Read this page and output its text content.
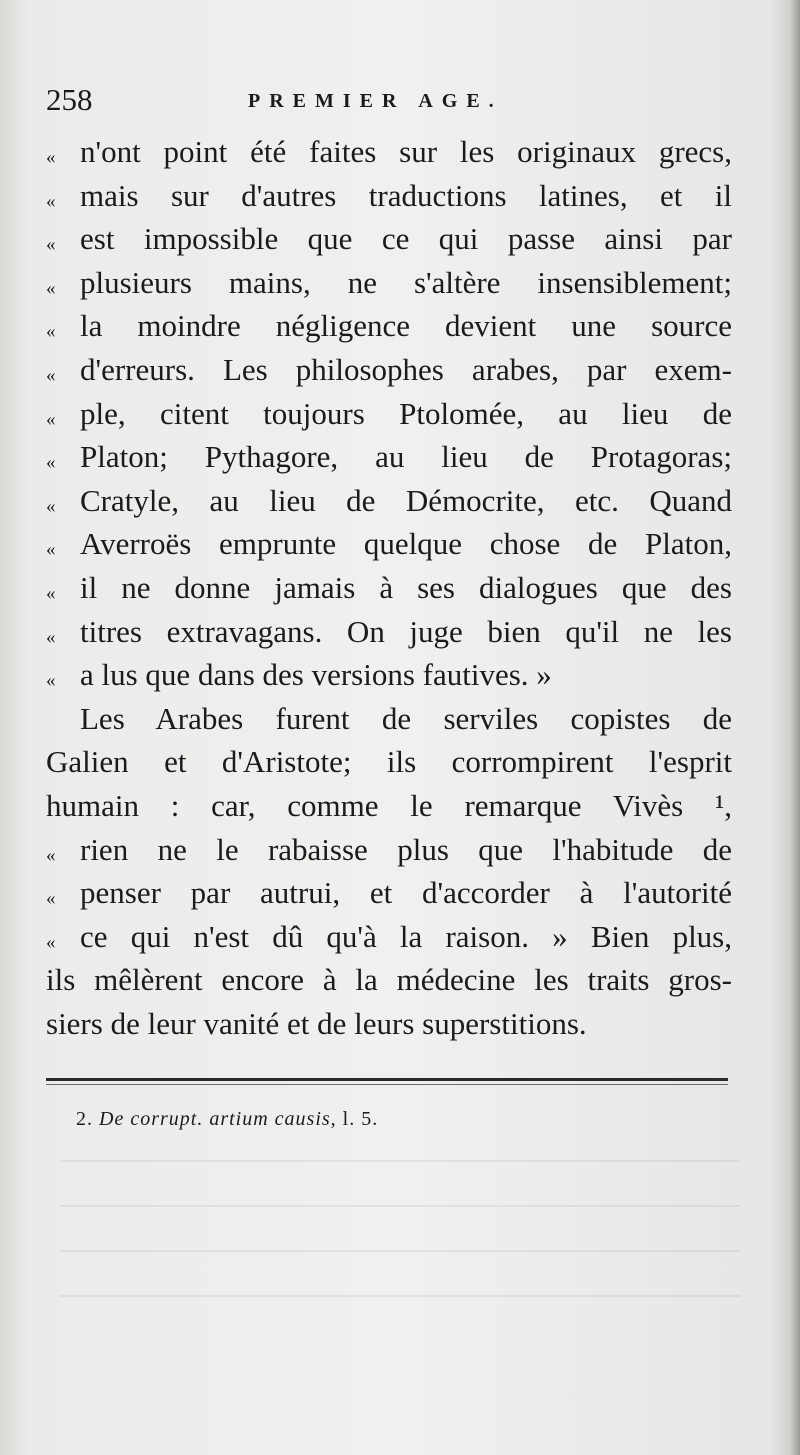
258	PREMIER AGE.
« n'ont point été faites sur les originaux grecs,
« mais sur d'autres traductions latines, et il
« est impossible que ce qui passe ainsi par
« plusieurs mains, ne s'altère insensiblement;
« la moindre négligence devient une source
« d'erreurs. Les philosophes arabes, par exem-
« ple, citent toujours Ptolomée, au lieu de
« Platon; Pythagore, au lieu de Protagoras;
« Cratyle, au lieu de Démocrite, etc. Quand
« Averroës emprunte quelque chose de Platon,
« il ne donne jamais à ses dialogues que des
« titres extravagans. On juge bien qu'il ne les
« a lus que dans des versions fautives. »
Les Arabes furent de serviles copistes de
Galien et d'Aristote; ils corrompirent l'esprit
humain : car, comme le remarque Vivès ¹,
« rien ne le rabaisse plus que l'habitude de
« penser par autrui, et d'accorder à l'autorité
« ce qui n'est dû qu'à la raison. » Bien plus,
ils mêlèrent encore à la médecine les traits gros-
siers de leur vanité et de leurs superstitions.
2. De corrupt. artium causis, l. 5.
